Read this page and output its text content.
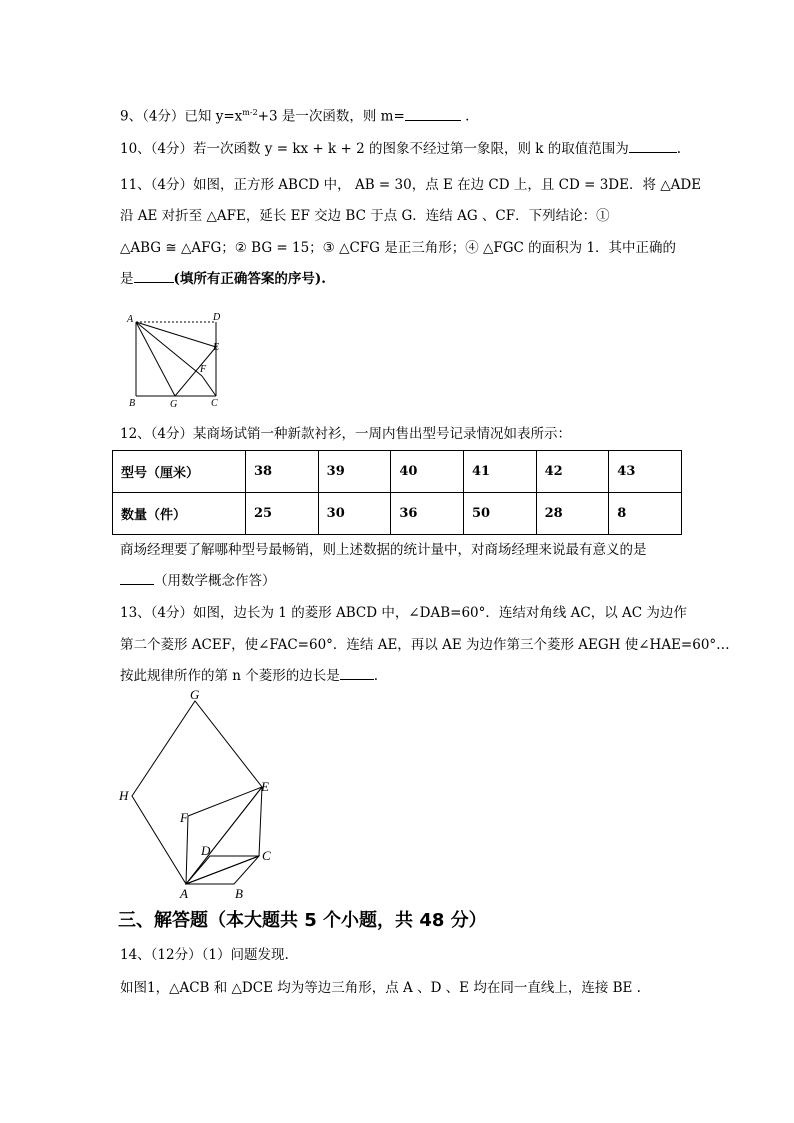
9、（4分）已知 $y=x^{m-2}+3$ 是一次函数，则 m=	.
10、（4分）若一次函数 y = kx + k + 2 的图象不经过第一象限，则 k 的取值范围为	.
11、（4分）如图，正方形 ABCD 中， AB = 30，点 E 在边 CD 上，且 CD = 3DE．将 △ADE
沿 AE 对折至 △AFE，延长 EF 交边 BC 于点 G．连结 AG 、CF．下列结论：①
△ABG ≅ △AFG；② BG = 15；③ △CFG 是正三角形；④ △FGC 的面积为 1．其中正确的
是	(填所有正确答案的序号).
A	D
E
F
B	G	C
12、（4分）某商场试销一种新款衬衫，一周内售出型号记录情况如表所示：
型号（厘米）	38	39	40	41	42	43
数量（件）	25	30	36	50	28	8
商场经理要了解哪种型号最畅销，则上述数据的统计量中，对商场经理来说最有意义的是
（用数学概念作答）
13、（4分）如图，边长为 1 的菱形 ABCD 中，∠DAB=60°．连结对角线 AC，以 AC 为边作
第二个菱形 ACEF，使∠FAC=60°．连结 AE，再以 AE 为边作第三个菱形 AEGH 使∠HAE=60°…
按此规律所作的第 n 个菱形的边长是	.
G
H
E
F
D	C
A	B
三、解答题（本大题共 5 个小题，共 48 分）
14、（12分）（1）问题发现.
如图1，△ACB 和 △DCE 均为等边三角形，点 A 、D 、E 均在同一直线上，连接 BE .
